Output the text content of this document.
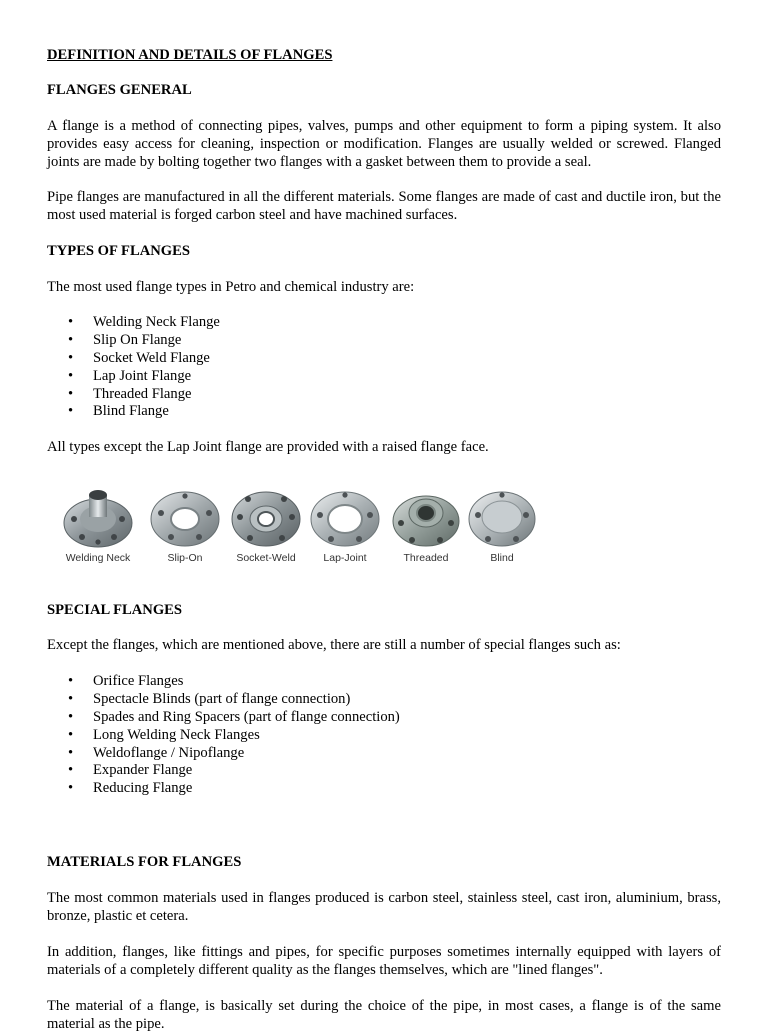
DEFINITION AND DETAILS OF FLANGES

FLANGES GENERAL

A flange is a method of connecting pipes, valves, pumps and other equipment to form a piping system. It also provides easy access for cleaning, inspection or modification. Flanges are usually welded or screwed. Flanged joints are made by bolting together two flanges with a gasket between them to provide a seal.

Pipe flanges are manufactured in all the different materials. Some flanges are made of cast and ductile iron, but the most used material is forged carbon steel and have machined surfaces.

TYPES OF FLANGES

The most used flange types in Petro and chemical industry are:

• Welding Neck Flange
• Slip On Flange
• Socket Weld Flange
• Lap Joint Flange
• Threaded Flange
• Blind Flange

All types except the Lap Joint flange are provided with a raised flange face.

Welding Neck	Slip-On	Socket-Weld	Lap-Joint	Threaded	Blind

SPECIAL FLANGES

Except the flanges, which are mentioned above, there are still a number of special flanges such as:

• Orifice Flanges
• Spectacle Blinds (part of flange connection)
• Spades and Ring Spacers (part of flange connection)
• Long Welding Neck Flanges
• Weldoflange / Nipoflange
• Expander Flange
• Reducing Flange

MATERIALS FOR FLANGES

The most common materials used in flanges produced is carbon steel, stainless steel, cast iron, aluminium, brass, bronze, plastic et cetera.

In addition, flanges, like fittings and pipes, for specific purposes sometimes internally equipped with layers of materials of a completely different quality as the flanges themselves, which are "lined flanges".

The material of a flange, is basically set during the choice of the pipe, in most cases, a flange is of the same material as the pipe.
